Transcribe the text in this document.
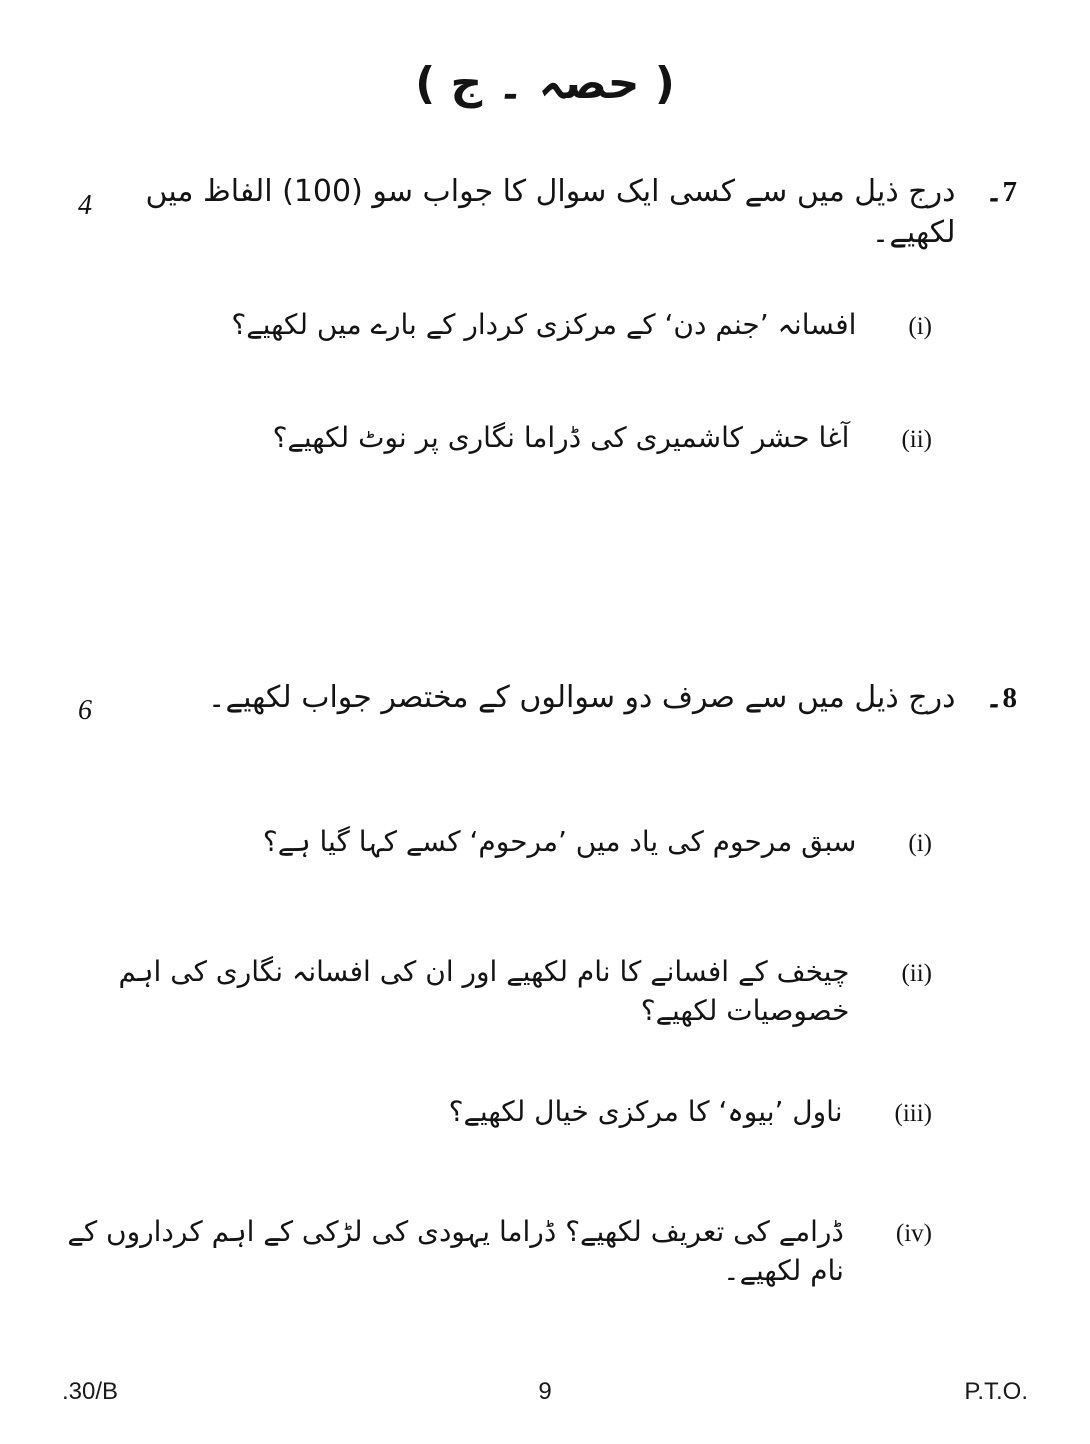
( حصہ ۔ ج )
4	7۔
درج ذیل میں سے کسی ایک سوال کا جواب سو (100) الفاظ میں لکھیے۔
(i)
افسانہ ’جنم دن‘ کے مرکزی کردار کے بارے میں لکھیے؟
(ii)
آغا حشر کاشمیری کی ڈراما نگاری پر نوٹ لکھیے؟
6	8۔
درج ذیل میں سے صرف دو سوالوں کے مختصر جواب لکھیے۔
(i)
سبق مرحوم کی یاد میں ’مرحوم‘ کسے کہا گیا ہے؟
(ii)
چیخف کے افسانے کا نام لکھیے اور ان کی افسانہ نگاری کی اہم خصوصیات لکھیے؟
(iii)
ناول ’بیوہ‘ کا مرکزی خیال لکھیے؟
(iv)
ڈرامے کی تعریف لکھیے؟ ڈراما یہودی کی لڑکی کے اہم کرداروں کے نام لکھیے۔
.30/B	9	P.T.O.
